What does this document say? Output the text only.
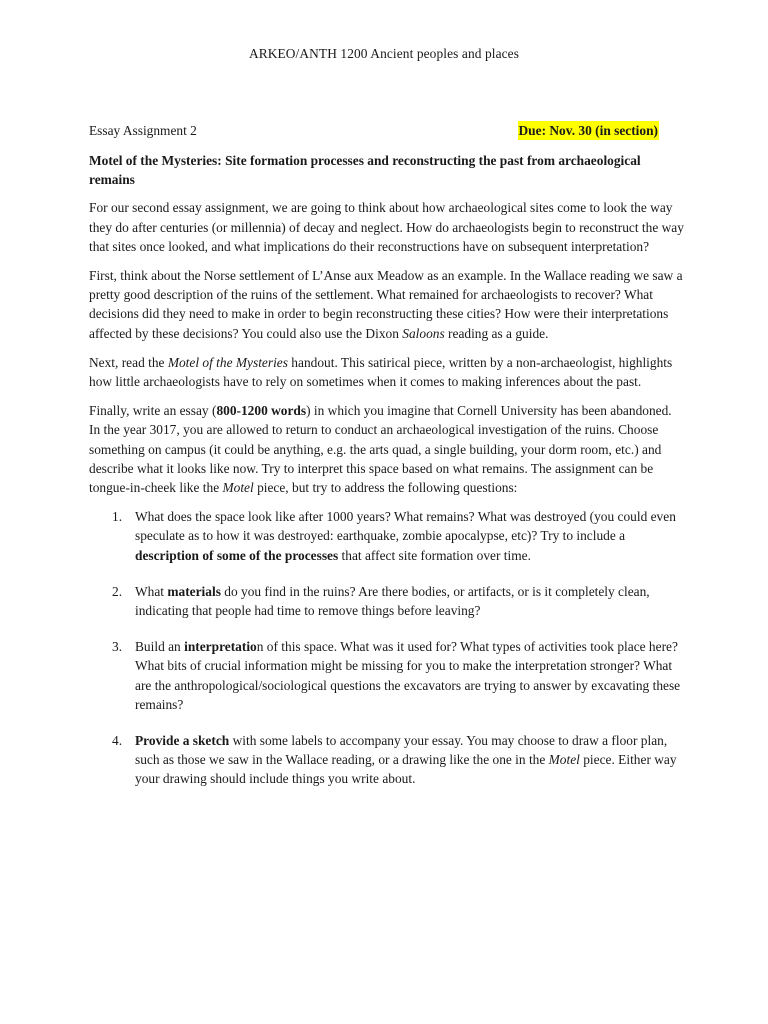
ARKEO/ANTH 1200 Ancient peoples and places
Essay Assignment 2	Due: Nov. 30 (in section)

Motel of the Mysteries: Site formation processes and reconstructing the past from archaeological remains

For our second essay assignment, we are going to think about how archaeological sites come to look the way they do after centuries (or millennia) of decay and neglect. How do archaeologists begin to reconstruct the way that sites once looked, and what implications do their reconstructions have on subsequent interpretation?

First, think about the Norse settlement of L’Anse aux Meadow as an example. In the Wallace reading we saw a pretty good description of the ruins of the settlement. What remained for archaeologists to recover? What decisions did they need to make in order to begin reconstructing these cities? How were their interpretations affected by these decisions? You could also use the Dixon Saloons reading as a guide.

Next, read the Motel of the Mysteries handout. This satirical piece, written by a non-archaeologist, highlights how little archaeologists have to rely on sometimes when it comes to making inferences about the past.

Finally, write an essay (800-1200 words) in which you imagine that Cornell University has been abandoned. In the year 3017, you are allowed to return to conduct an archaeological investigation of the ruins. Choose something on campus (it could be anything, e.g. the arts quad, a single building, your dorm room, etc.) and describe what it looks like now. Try to interpret this space based on what remains. The assignment can be tongue-in-cheek like the Motel piece, but try to address the following questions:

1. What does the space look like after 1000 years? What remains? What was destroyed (you could even speculate as to how it was destroyed: earthquake, zombie apocalypse, etc)? Try to include a description of some of the processes that affect site formation over time.
2. What materials do you find in the ruins? Are there bodies, or artifacts, or is it completely clean, indicating that people had time to remove things before leaving?
3. Build an interpretation of this space. What was it used for? What types of activities took place here? What bits of crucial information might be missing for you to make the interpretation stronger? What are the anthropological/sociological questions the excavators are trying to answer by excavating these remains?
4. Provide a sketch with some labels to accompany your essay. You may choose to draw a floor plan, such as those we saw in the Wallace reading, or a drawing like the one in the Motel piece. Either way your drawing should include things you write about.
